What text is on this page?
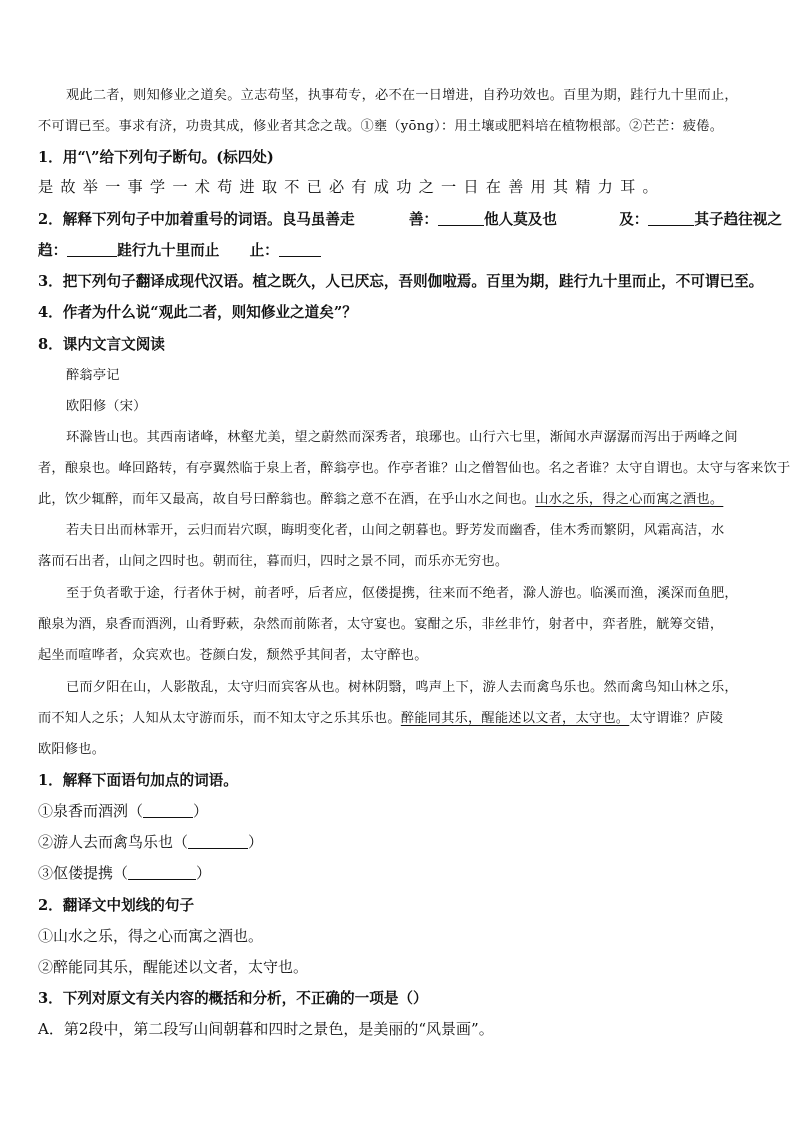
观此二者，则知修业之道矣。立志苟坚，执事苟专，必不在一日增进，自矜功效也。百里为期，跬行九十里而止，
不可谓已至。事求有济，功贵其成，修业者其念之哉。①壅（yōng）：用土壤或肥料培在植物根部。②芒芒：疲倦。
1．用“\”给下列句子断句。(标四处)
是故举一事学一术苟进取不已必有成功之一日在善用其精力耳。
2．解释下列句子中加着重号的词语。良马虽善走	善：	他人莫及也	及：	其子趋往视之
趋：	跬行九十里而止 止：
3．把下列句子翻译成现代汉语。植之既久，人已厌忘，吾则伽啦焉。百里为期，跬行九十里而止，不可谓已至。
4．作者为什么说“观此二者，则知修业之道矣”？
8．课内文言文阅读
醉翁亭记
欧阳修（宋）
环滁皆山也。其西南诸峰，林壑尤美，望之蔚然而深秀者，琅琊也。山行六七里，渐闻水声潺潺而泻出于两峰之间
者，酿泉也。峰回路转，有亭翼然临于泉上者，醉翁亭也。作亭者谁？山之僧智仙也。名之者谁？太守自谓也。太守与客来饮于
此，饮少辄醉，而年又最高，故自号曰醉翁也。醉翁之意不在酒，在乎山水之间也。山水之乐，得之心而寓之酒也。
若夫日出而林霏开，云归而岩穴暝，晦明变化者，山间之朝暮也。野芳发而幽香，佳木秀而繁阴，风霜高洁，水
落而石出者，山间之四时也。朝而往，暮而归，四时之景不同，而乐亦无穷也。
至于负者歌于途，行者休于树，前者呼，后者应，伛偻提携，往来而不绝者，滁人游也。临溪而渔，溪深而鱼肥，
酿泉为酒，泉香而酒洌，山肴野蔌，杂然而前陈者，太守宴也。宴酣之乐，非丝非竹，射者中，弈者胜，觥筹交错，
起坐而喧哗者，众宾欢也。苍颜白发，颓然乎其间者，太守醉也。
已而夕阳在山，人影散乱，太守归而宾客从也。树林阴翳，鸣声上下，游人去而禽鸟乐也。然而禽鸟知山林之乐，
而不知人之乐；人知从太守游而乐，而不知太守之乐其乐也。醉能同其乐，醒能述以文者，太守也。太守谓谁？庐陵
欧阳修也。
1．解释下面语句加点的词语。
①泉香而酒洌（	）
②游人去而禽鸟乐也（	）
③伛偻提携（	）
2．翻译文中划线的句子
①山水之乐，得之心而寓之酒也。
②醉能同其乐，醒能述以文者，太守也。
3．下列对原文有关内容的概括和分析，不正确的一项是（）
A．第2段中，第二段写山间朝暮和四时之景色，是美丽的“风景画”。
